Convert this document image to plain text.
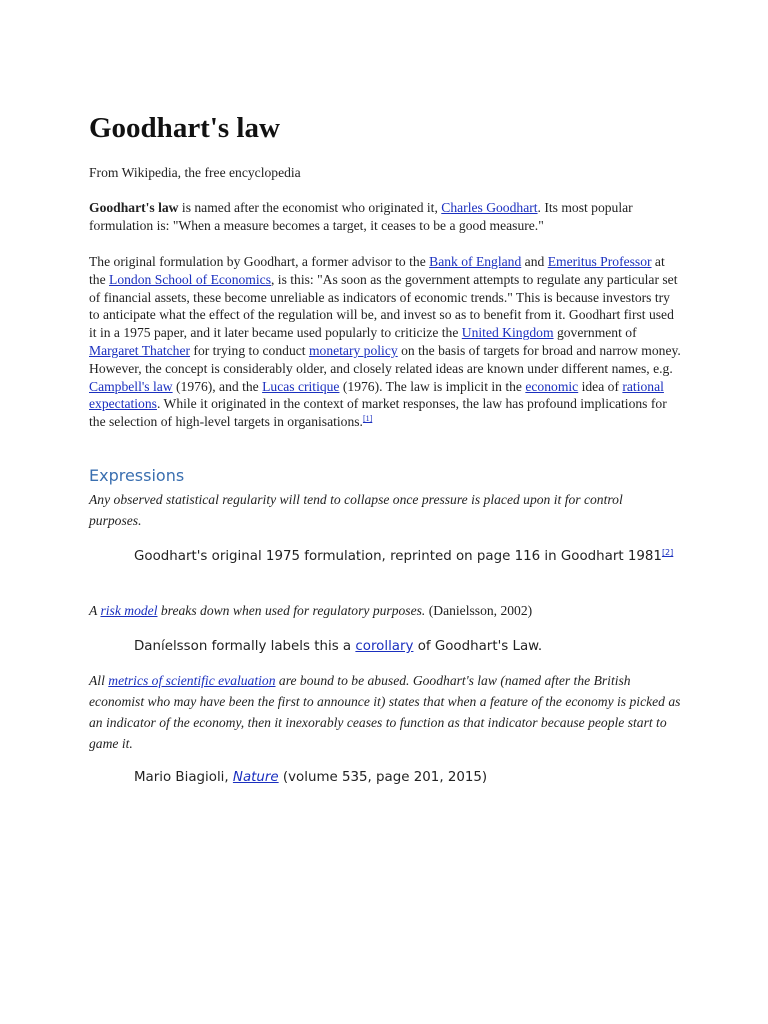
Goodhart's law

From Wikipedia, the free encyclopedia

Goodhart's law is named after the economist who originated it, Charles Goodhart. Its most popular formulation is: "When a measure becomes a target, it ceases to be a good measure."

The original formulation by Goodhart, a former advisor to the Bank of England and Emeritus Professor at the London School of Economics, is this: "As soon as the government attempts to regulate any particular set of financial assets, these become unreliable as indicators of economic trends." This is because investors try to anticipate what the effect of the regulation will be, and invest so as to benefit from it. Goodhart first used it in a 1975 paper, and it later became used popularly to criticize the United Kingdom government of Margaret Thatcher for trying to conduct monetary policy on the basis of targets for broad and narrow money. However, the concept is considerably older, and closely related ideas are known under different names, e.g. Campbell's law (1976), and the Lucas critique (1976). The law is implicit in the economic idea of rational expectations. While it originated in the context of market responses, the law has profound implications for the selection of high-level targets in organisations.[1]

Expressions

Any observed statistical regularity will tend to collapse once pressure is placed upon it for control purposes.

Goodhart's original 1975 formulation, reprinted on page 116 in Goodhart 1981[2]

A risk model breaks down when used for regulatory purposes. (Danielsson, 2002)

Daníelsson formally labels this a corollary of Goodhart's Law.

All metrics of scientific evaluation are bound to be abused. Goodhart's law (named after the British economist who may have been the first to announce it) states that when a feature of the economy is picked as an indicator of the economy, then it inexorably ceases to function as that indicator because people start to game it.

Mario Biagioli, Nature (volume 535, page 201, 2015)
